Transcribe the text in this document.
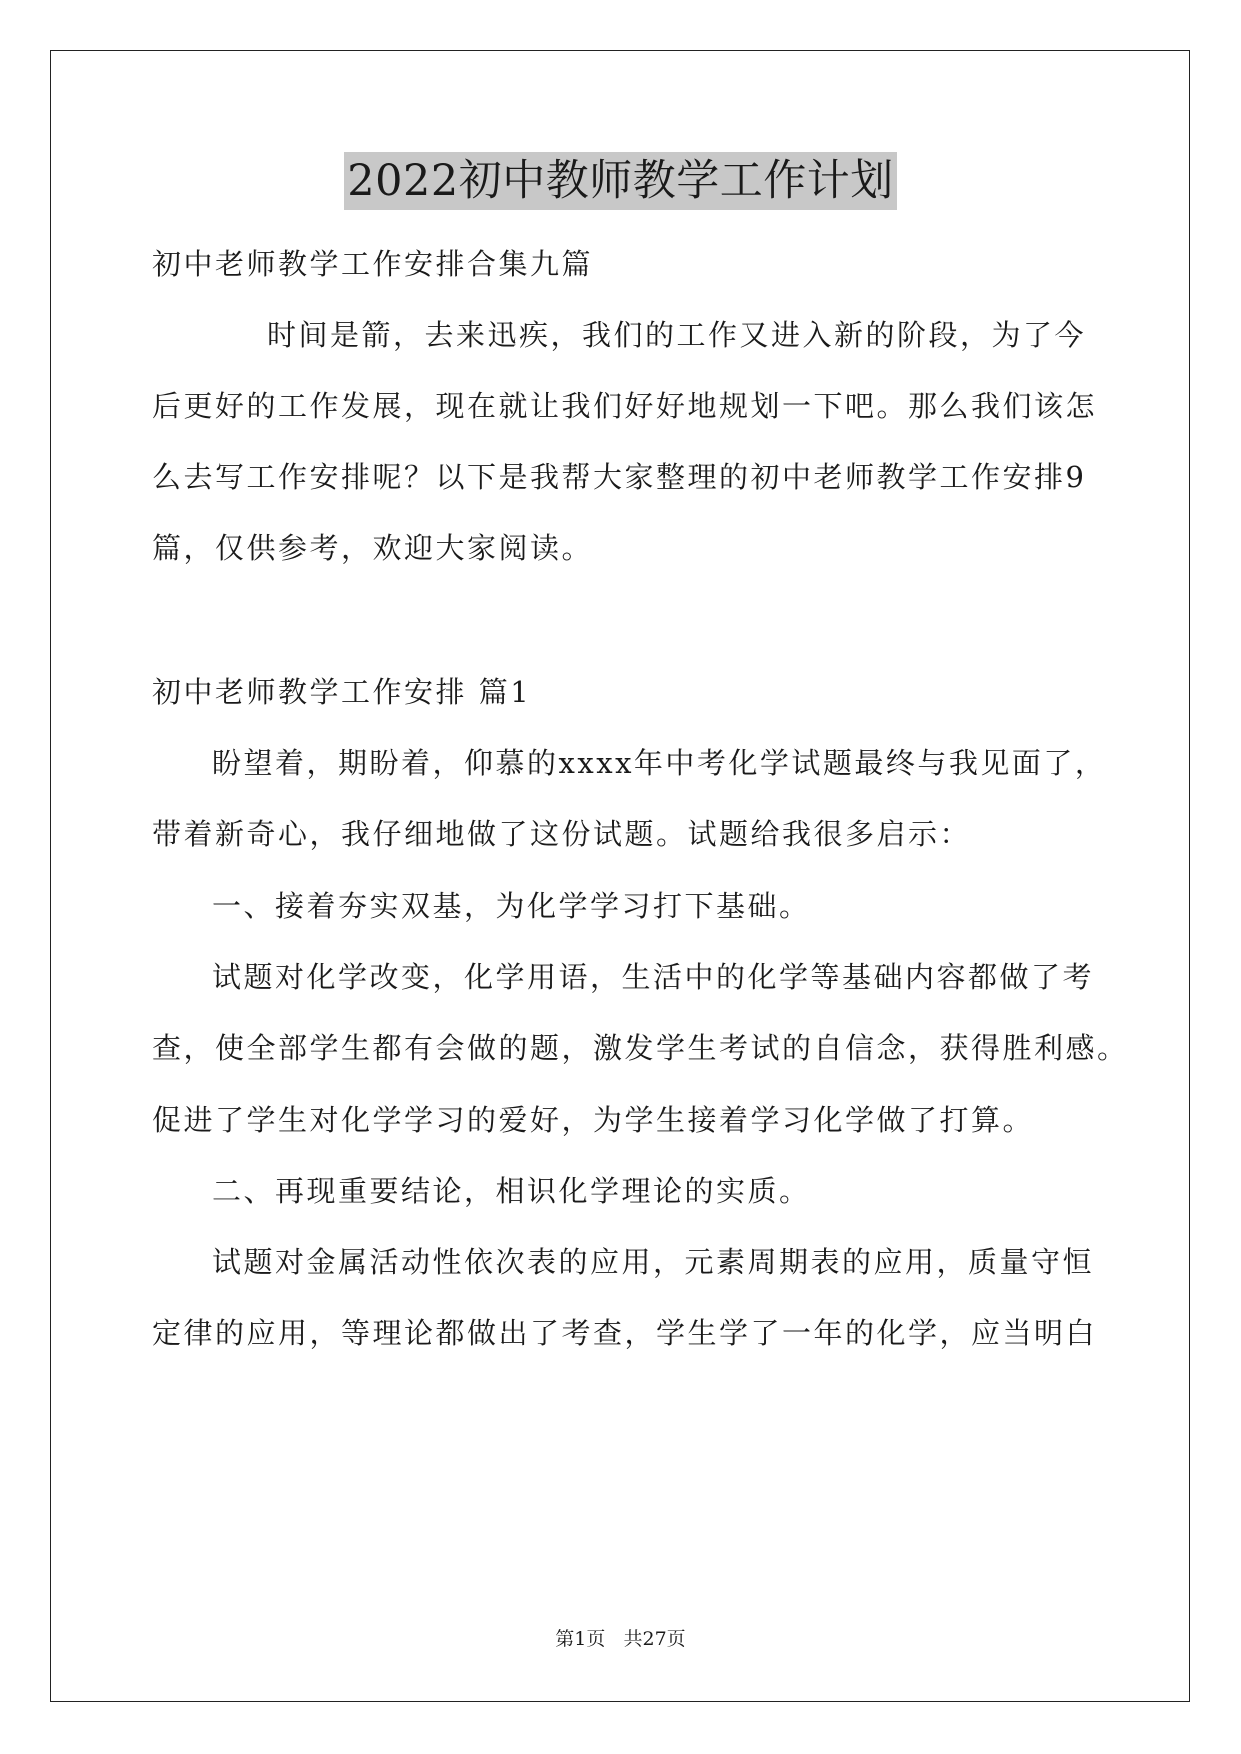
2022初中教师教学工作计划
初中老师教学工作安排合集九篇
时间是箭，去来迅疾，我们的工作又进入新的阶段，为了今
后更好的工作发展，现在就让我们好好地规划一下吧。那么我们该怎
么去写工作安排呢？以下是我帮大家整理的初中老师教学工作安排9
篇，仅供参考，欢迎大家阅读。
初中老师教学工作安排 篇1
盼望着，期盼着，仰慕的xxxx年中考化学试题最终与我见面了，
带着新奇心，我仔细地做了这份试题。试题给我很多启示：
一、接着夯实双基，为化学学习打下基础。
试题对化学改变，化学用语，生活中的化学等基础内容都做了考
查，使全部学生都有会做的题，激发学生考试的自信念，获得胜利感。
促进了学生对化学学习的爱好，为学生接着学习化学做了打算。
二、再现重要结论，相识化学理论的实质。
试题对金属活动性依次表的应用，元素周期表的应用，质量守恒
定律的应用，等理论都做出了考查，学生学了一年的化学，应当明白
第1页   共27页
